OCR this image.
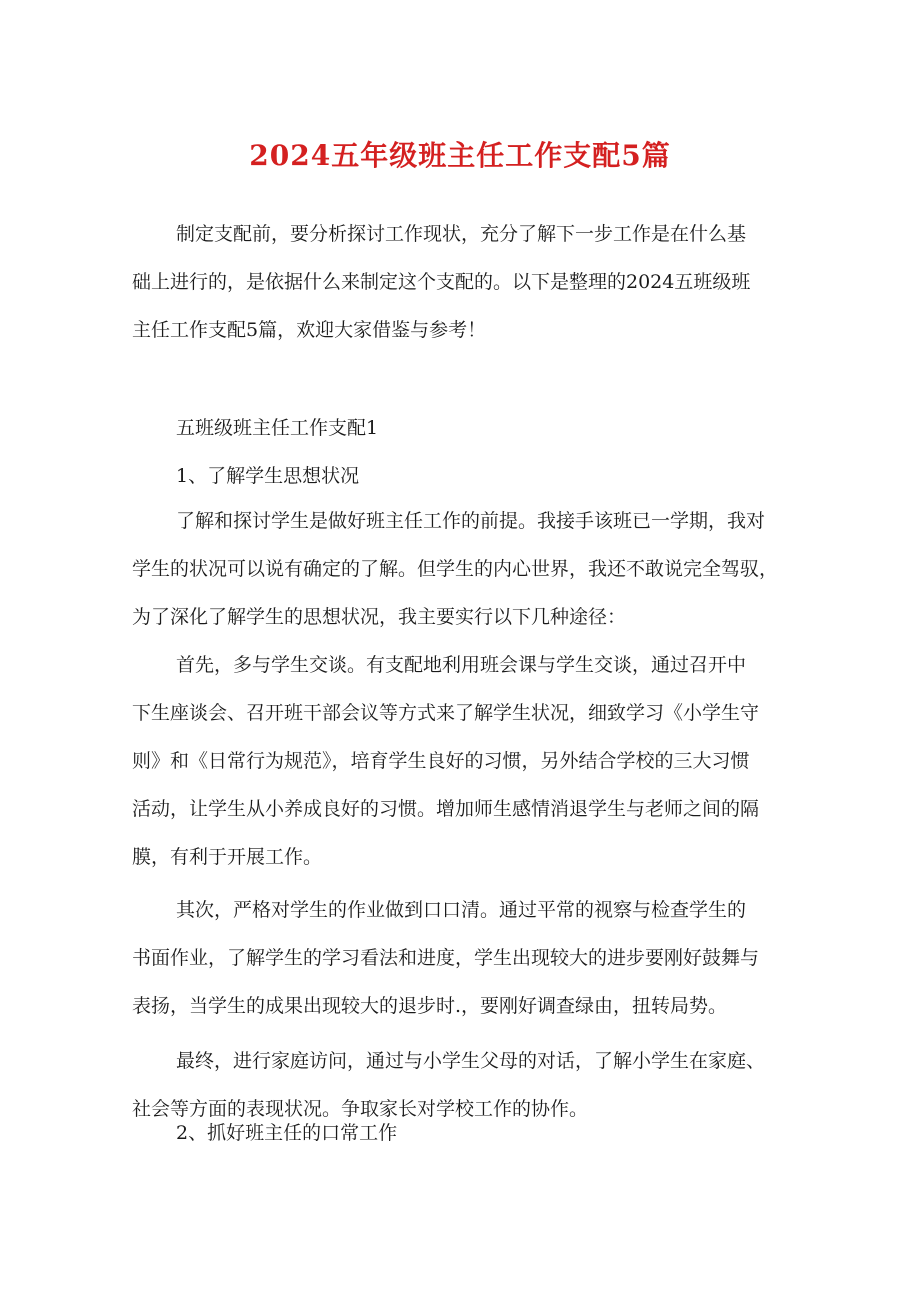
2024五年级班主任工作支配5篇
制定支配前，要分析探讨工作现状，充分了解下一步工作是在什么基
础上进行的，是依据什么来制定这个支配的。以下是整理的2024五班级班
主任工作支配5篇，欢迎大家借鉴与参考！
五班级班主任工作支配1
1、了解学生思想状况
了解和探讨学生是做好班主任工作的前提。我接手该班已一学期，我对
学生的状况可以说有确定的了解。但学生的内心世界，我还不敢说完全驾驭，
为了深化了解学生的思想状况，我主要实行以下几种途径：
首先，多与学生交谈。有支配地利用班会课与学生交谈，通过召开中
下生座谈会、召开班干部会议等方式来了解学生状况，细致学习《小学生守
则》和《日常行为规范》，培育学生良好的习惯，另外结合学校的三大习惯
活动，让学生从小养成良好的习惯。增加师生感情消退学生与老师之间的隔
膜，有利于开展工作。
其次，严格对学生的作业做到口口清。通过平常的视察与检查学生的
书面作业，了解学生的学习看法和进度，学生出现较大的进步要刚好鼓舞与
表扬，当学生的成果出现较大的退步时.，要刚好调查绿由，扭转局势。
最终，进行家庭访问，通过与小学生父母的对话，了解小学生在家庭、
社会等方面的表现状况。争取家长对学校工作的协作。
2、抓好班主任的口常工作
